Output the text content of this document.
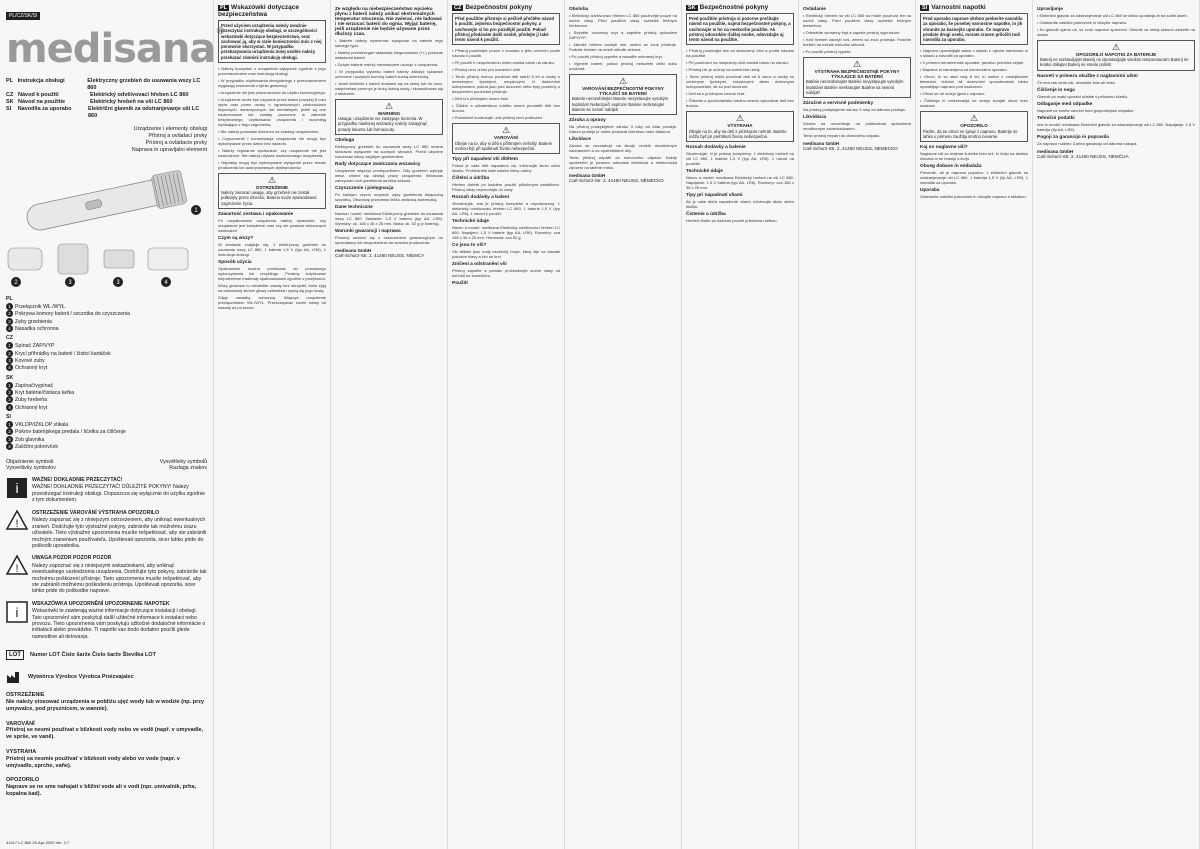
PL/CZ/SK/SI
medisana®
PL Instrukcja obsługi	Elektryczny grzebień do usuwania wszy LC 860
CZ Návod k použití	Elektrický odvšivovací hřeben LC 860
SK Návod na použitie	Elektrický hrebeň na vši LC 860
SI	Navodila za uporabo	Električni glavnik za odstranjevanje uši LC 860
Urządzenie i elementy obsługi
Přístroj a ovládací prvky
Prístroj a ovládacie prvky
Naprava in upravljalni elementi
1
2	3	3	4
PL
1 Przełącznik WŁ./WYŁ.
2 Pokrywa komory baterii / szczotka do czyszczenia
3 Zęby grzebienia
4 Nasadka ochronna
CZ
1 Spínač ZAP/VYP
2 Krycí přihrádky na baterii / čisticí kartáček
3 Kovové zuby
4 Ochranný kryt
SK
1 Zapínač/vypínač
2 Kryt batérie/čistiaca kefka
3 Zuby hrebeňa
4 Ochranný kryt
SI
1 VKLOP/IZKLOP stikala
2 Pokrov baterijskega predala / ščetka za čiščenje
3 Zob glavnika
4 Zaščitni pokrovček
Objaśnienie symboli
Vysvetlivky symbolov
Vysvětlivky symbolů
Razlaga znakov
i	WAŻNE! DOKŁADNIE PRZECZYTAĆ!
WAŻNE! DOKŁADNIE PRZECZYTAĆ! DŮLEŽITÉ POKYNY! Należy przestrzegać instrukcji obsługi. Dopuszcza się wyłącznie do użytku zgodnie z tym dokumentem.
!
OSTRZEŻENIE VAROVÁNÍ VÝSTRAHA OPOZORILO
Należy zapoznać się z niniejszym ostrzeżeniem, aby uniknąć ewentualnych zranień. Dodržujte tyto výstražné pokyny, zabráníte tak možnému úrazu uživatele. Tieto výstražné upozornenia musíte rešpektovať, aby ste zabránili možným zraneniam používateľa. Upoštevati opozorila, sicer lahko pride do poškodb uporabnika.
!
UWAGA POZOR POZOR POZOR
Należy zapoznać się z niniejszymi wskazówkami, aby uniknąć ewentualnego uszkodzenia urządzenia. Dodržujte tyto pokyny, zabráníte tak možnému poškození přístroje. Tieto upozornenia musíte rešpektovať, aby ste zabránili možnému poškodeniu prístroja. Upoštevati opozorila, sicer lahko pride do poškodbe naprave.
i
WSKAZÓWKA UPOZORNĚNÍ UPOZORNENIE NAPOTEK
Wskazówki te zawierają ważne informacje dotyczące instalacji i obsługi. Tato upozornění vám poskytují další užitečné informace k instalaci nebo provozu. Tieto upozornenia vám poskytujú užitočné dodatočné informácie o inštalácii alebo prevádzke. Ti napotki vas bodo dodatno poučili glede namestitve ali delovanja.
LOT	Numer LOT Číslo šarže Číslo šarže Številka LOT
Wytwórca Výrobce Výrobca Proizvajalec
OSTRZEŻENIE
Nie należy stosować urządzenia w pobliżu ujęć wody lub w wodzie (np. przy umywalce, pod prysznicem, w wannie).
VAROVÁNÍ
Přístroj se nesmí používat v blízkosti vody nebo ve vodě (např. v umyvadle, ve sprše, ve vaně).
VÝSTRAHA
Prístroj sa nesmie používať v blízkosti vody alebo vo vode (napr. v umývadle, sprche, vaňe).
OPOZORILO
Naprave se ne sme nahajati v bližini vode ali v vodi (npr. umivalnik, prha, kopalna kad).
41017 LC 860 29-Apr-2020 Ver. 2.7
PL Wskazówki dotyczące bezpieczeństwa
Przed użyciem urządzenia należy uważnie przeczytać instrukcję obsługi, w szczególności wskazówki dotyczące bezpieczeństwa, oraz zachować ją, aby w razie konieczności móc z niej ponownie skorzystać. W przypadku przekazywania urządzenia innej osobie należy przekazać również instrukcję obsługi.

• Należy korzystać z urządzenia wyłącznie zgodnie z jego przeznaczeniem oraz instrukcją obsługi.

• W przypadku użytkowania niezgodnego z przeznaczeniem wygasają roszczenia z tytułu gwarancji.

• Urządzenie nie jest przeznaczone do użytku komercyjnego.

• Urządzenie może być używane przez dzieci powyżej 8 roku życia oraz przez osoby o ograniczonych zdolnościach fizycznych, sensorycznych lub mentalnych, jeżeli są one nadzorowane lub zostały pouczone w zakresie bezpiecznego użytkowania urządzenia i rozumieją wynikające z tego zagrożenia.

• Nie należy pozwalać dzieciom na zabawę urządzeniem.

• Czyszczenie i konserwacja urządzenia nie mogą być wykonywane przez dzieci bez nadzoru.

• Należy regularnie sprawdzać, czy urządzenie nie jest uszkodzone. Nie należy używać uszkodzonego urządzenia.

• Naprawy mogą być wykonywane wyłącznie przez serwis producenta lub autoryzowanych dystrybutorów.

⚠
OSTRZEŻENIE
Należy zwracać uwagę, aby grzebień nie został połknięty przez dziecko. Bateria może spowodować zagrożenie życia.
Zawartość zestawu i opakowanie

Po rozpakowaniu urządzenia należy sprawdzić, czy urządzenie jest kompletne oraz czy nie posiada widocznych uszkodzeń.

Czym są wszy?

W zestawie znajduje się: 1 elektryczny grzebień do usuwania wszy LC 860, 1 bateria 1,5 V (typ AA, LR6), 1 instrukcja obsługi.

Sposób użycia

Opakowanie można przekazać do ponownego wykorzystania lub recyklingu. Prosimy zutylizować niepotrzebne materiały opakowaniowe zgodnie z przepisami.

Wszy głowowe to niewielkie owady bez skrzydeł, które żyją na owłosionej skórze głowy człowieka i żywią się jego krwią.

Zdjąć nasadkę ochronną. Włączyć urządzenie przełącznikiem WŁ./WYŁ. Przeczesywać suche włosy od nasady aż po końce.

Ze względu na niebezpieczeństwo wycieku płynu z baterii należy unikać ekstremalnych temperatur otoczenia. Nie zwierać, nie ładować i nie wrzucać baterii do ognia. Wyjąć baterię, jeśli urządzenie nie będzie używane przez dłuższy czas.

• Baterie należy wymieniać wyłącznie na baterie tego samego typu.

• Należy przestrzegać właściwej biegunowości (+/-) podczas wkładania baterii.

• Zużyte baterie należy niezwłocznie usunąć z urządzenia.

• W przypadku wycieku baterii należy założyć rękawice ochronne i oczyścić komorę baterii suchą ściereczką.

• Jeżeli elektrolit z baterii dostanie się na skórę lub do oczu, natychmiast przemyć je dużą ilością wody i skonsultować się z lekarzem.

⚠
WARNING
Uwaga: urządzenie nie zastępuje leczenia. W przypadku nasilonej wszawicy należy zasięgnąć porady lekarza lub farmaceuty.
Obsługa

Elektryczny grzebień do usuwania wszy LC 860 można stosować wyłącznie na suchych włosach. Przed użyciem rozczesać włosy zwykłym grzebieniem.

Rady dotyczące zwalczania wszawicy

Urządzenie włączyć przełącznikiem. Gdy grzebień wykryje wesz, zmieni się dźwięk pracy urządzenia. Wówczas zatrzymać ruch grzebienia na kilka sekund.

Czyszczenie i pielęgnacja

Po każdym użyciu oczyścić zęby grzebienia dołączoną szczotką. Obudowę przecierać lekko zwilżoną ściereczką.

Dane techniczne

Nazwa i model: medisana Elektryczny grzebień do usuwania wszy LC 860. Zasilanie: 1,5 V bateria (typ AA, LR6). Wymiary: ok. 166 x 36 x 25 mm. Masa: ok. 52 g (z baterią).

Warunki gwarancji i naprawa

Prosimy zwrócić się z roszczeniem gwarancyjnym do sprzedawcy lub bezpośrednio do serwisu producenta.

medisana GmbH
Carl-Schurz-Str. 2, 41460 NEUSS, NIEMCY
CZ Bezpečnostní pokyny
Před použitím přístroje si pečlivě přečtěte návod k použití, zejména bezpečnostní pokyny, a uschovejte si ho pro pozdější použití. Pokud přístroj předáváte další osobě, předejte jí také tento návod k použití.

• Přístroj používejte pouze v souladu s jeho určením podle návodu k použití.

• Při použití k nesprávnému účelu zaniká nárok na záruku.

• Přístroj není určen pro komerční užití.

• Tento přístroj mohou používat děti starší 8 let a osoby s omezenými fyzickými, smyslovými či duševními schopnostmi, pokud jsou pod dozorem nebo byly poučeny o bezpečném používání přístroje.

• Děti si s přístrojem nesmí hrát.

• Čištění a uživatelskou údržbu nesmí provádět děti bez dozoru.

• Pravidelně kontrolujte, zda přístroj není poškozen.

⚠
VAROVÁNÍ
Dbejte na to, aby si děti s přístrojem nehrály. Baterie mohou být při spolknutí životu nebezpečné.
Tipy při napadení vši dítětem

Pokud je vaše dítě napadeno vší, informujte školu nebo školku. Prohlédněte také ostatní členy rodiny.

Čištění a údržba

Hřeben čistěte po každém použití přiloženým kartáčkem. Přístroj nikdy neponořujte do vody.

Rozsah dodávky a balení

Zkontrolujte, zda je přístroj kompletní a nepoškozený: 1 elektrický odvšivovací hřeben LC 860, 1 baterie 1,5 V (typ AA, LR6), 1 návod k použití.

Technické údaje

Název a model: medisana Elektrický odvšivovací hřeben LC 860. Napájení: 1,5 V baterie (typ AA, LR6). Rozměry: cca 166 x 36 x 25 mm. Hmotnost: cca 52 g.

Co jsou to vši?

Vši dětské jsou malý bezkřídlý hmyz, který žije na vlasaté pokožce hlavy a živí se krví.

Zničení a odstranění vší

Přístroj zapněte a pomalu pročesávejte suché vlasy od kořínků ke konečkům.

Použití
Obsluha

• Elektrický odvšivovací hřeben LC 860 používejte pouze na suché vlasy. Před použitím vlasy rozčešte běžným hřebenem.

• Sejměte ochranný kryt a zapněte přístroj spínačem ZAP/VYP.

• Jakmile hřeben zachytí veš, změní se zvuk přístroje. Podržte hřeben na místě několik sekund.

• Po použití přístroj vypněte a nasaďte ochranný kryt.

• Vyjměte baterii, pokud přístroj nebudete delší dobu používat.

⚠
VAROVÁNÍ BEZPEČNOSTNÍ POKYNY TÝKAJÍCÍ SE BATERIÍ
Baterie nerozebírejte! Baterie nevystavujte vysokým teplotám! Nebezpečí exploze! Baterie nezkratujte! Baterie se nesmí nabíjet!
Záruka a opravy

Na přístroj poskytujeme záruku 3 roky od data prodeje. Datum prodeje je nutné prokázat účtenkou nebo fakturou.

Likvidace

Záruka se nevztahuje na škody vzniklé neodborným zacházením a na opotřebitelné díly.

Tento přístroj nepatří do domovního odpadu. Každý spotřebitel je povinen odevzdat elektrická a elektronická zařízení na sběrné místo.

medisana GmbH
Carl-Schurz-Str. 2, 41460 NEUSS, NĚMECKO
SK Bezpečnostné pokyny
Pred použitím prístroja si pozorne prečítajte návod na použitie, najmä bezpečnostné pokyny, a uschovajte si ho na neskoršie použitie. Ak prístroj odovzdáte ďalšej osobe, odovzdajte aj tento návod na použitie.

• Prístroj používajte iba na stanovený účel a podľa návodu na použitie.

• Pri používaní na nesprávny účel zaniká nárok na záruku.

• Prístroj nie je určený na komerčné účely.

• Tento prístroj môžu používať deti od 8 rokov a osoby so zníženými fyzickými, zmyslovými alebo duševnými schopnosťami, ak sú pod dozorom.

• Deti sa s prístrojom nesmú hrať.

• Čistenie a používateľskú údržbu nesmú vykonávať deti bez dozoru.

⚠
VÝSTRAHA
Dbajte na to, aby sa deti s prístrojom nehrali. Batérie môžu byť pri prehltnutí životu nebezpečné.
Rozsah dodávky a balenie

Skontrolujte, či je prístroj kompletný: 1 elektrický hrebeň na vši LC 860, 1 batéria 1,5 V (typ AA, LR6), 1 návod na použitie.

Technické údaje

Názov a model: medisana Elektrický hrebeň na vši LC 860. Napájanie: 1,5 V batéria (typ AA, LR6). Rozmery: cca 166 x 36 x 25 mm.

Tipy pri napadnutí všami

Ak je vaše dieťa napadnuté všami, informujte školu alebo škôlku.

Čistenie a údržba

Hrebeň čistite po každom použití priloženou kefkou.

Ovládanie

• Elektrický hrebeň na vši LC 860 sa môže používať len na suché vlasy. Pred použitím vlasy rozčešte bežným hrebeňom.

• Odstráňte ochranný kryt a zapnite prístroj vypínačom.

• Keď hrebeň zachytí voš, zmení sa zvuk prístroja. Podržte hrebeň na mieste niekoľko sekúnd.

• Po použití prístroj vypnite.

⚠
VÝSTRAHA BEZPEČNOSTNÉ POKYNY TÝKAJÚCE SA BATÉRIÍ
Batérie nerozoberajte! Batérie nevystavujte vysokým teplotám! Batérie neskratujte! Batérie sa nesmú nabíjať!
Záručné a servisné podmienky

Na prístroj poskytujeme záruku 3 roky od dátumu predaja.

Likvidácia

Záruka sa nevzťahuje na poškodenia spôsobené neodborným zaobchádzaním.

Tento prístroj nepatrí do domového odpadu.

medisana GmbH
Carl-Schurz-Str. 2, 41460 NEUSS, NEMECKO
SI Varnostni napotki
Pred uporabo naprave skrbno preberite navodila za uporabo, še posebej varnostne napotke, in jih shranite za kasnejšo uporabo. Če napravo predate drugi osebi, morate zraven priložiti tudi navodila za uporabo.

• Napravo uporabljajte samo v skladu z njenim namenom in v skladu z navodili za uporabo.

• V primeru nenamenske uporabe, jamstvo preneha veljati.

• Naprava ni namenjena za komercialno uporabo.

• Otroci, ki so stari vsaj 8 let, in osebe z zmanjšanimi telesnimi, čutnimi ali duševnimi sposobnostmi lahko uporabljajo napravo pod nadzorom.

• Otroci se ne smejo igrati z napravo.

• Čiščenja in vzdrževanja ne smejo izvajati otroci brez nadzora.

⚠
OPOZORILO
Pazite, da se otroci ne igrajo z napravo. Baterije so lahko v primeru zaužitja smrtno nevarne.
Kaj so naglavne uši?

Naglavne uši so majhne žuželke brez kril, ki živijo na lasišču človeka in se hranijo s krvjo.

Obseg dobave in embalaža

Preverite, ali je naprava popolna: 1 električni glavnik za odstranjevanje uši LC 860, 1 baterija 1,5 V (tip AA, LR6), 1 navodila za uporabo.

Uporaba

Odstranite zaščitni pokrovček in vklopite napravo s stikalom.

Upravljanje

• Električni glavnik za odstranjevanje uši LC 860 se lahko uporablja le na suhih laseh.

• Odstranite zaščitni pokrovček in vklopite napravo.

• Ko glavnik ujame uš, se zvok naprave spremeni. Glavnik za nekaj sekund zadržite na mestu.

⚠
OPOZORILO NAPOTKI ZA BATERIJE
Baterij ne razstavljajte! Baterij ne izpostavljajte visokim temperaturam! Baterij ne kratko stikajte! Baterij ne smete polniti!
Nasveti v primeru okužbe z naglavnimi ušmi

Če ima vaš otrok uši, obvestite šolo ali vrtec.

Čiščenje in nega

Glavnik po vsaki uporabi očistite s priloženo ščetko.

Odlaganje med odpadke

Naprave ne smete odvreči med gospodinjske odpadke.

Tehnični podatki

Ime in model: medisana Električni glavnik za odstranjevanje uši LC 860. Napajanje: 1,5 V baterija (tip AA, LR6).

Pogoji za garancijo in popravila

Za napravo nudimo 3-letno garancijo od datuma nakupa.

medisana GmbH
Carl-Schurz-Str. 2, 41460 NEUSS, NEMČIJA
